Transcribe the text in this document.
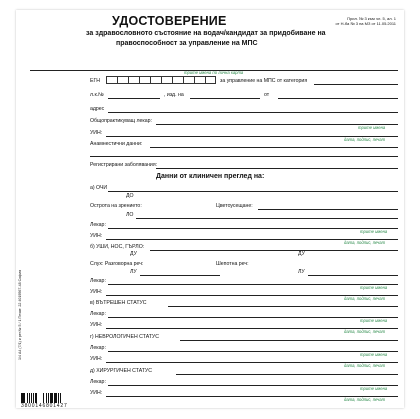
УДОСТОВЕРЕНИЕ	Прил. № 3 към чл. 5, ал. 1
от Н-ба № 3 на МЗ от 11.05.2011
за здравословното състояние на водач/кандидат за придобиване на
правоспособност за управление на МПС
трите имена по лична карта
ЕГН	за управление на МПС от категория
л.к.№	, изд. на	от
адрес
Общопрактикуващ лекар:
трите имена
УИН:
дата, подпис, печат
Анамнестични данни:
Регистрирани заболявания:
Данни от клиничен преглед на:
а) ОЧИ
ДО
Острота на зрението:	Цветоусещане:
ЛО
Лекар:
трите имена
УИН:
дата, подпис, печат
б) УШИ, НОС, ГЪРЛО:
ДУ	ДУ
Слух: Разговорна реч:	Шепотна реч:
ЛУ	ЛУ
Лекар:
трите имена
УИН:
дата, подпис, печат
в) ВЪТРЕШЕН СТАТУС
Лекар:
трите имена
УИН:
дата, подпис, печат
г) НЕВРОЛОГИЧЕН СТАТУС
Лекар:
трите имена
УИН:
дата, подпис, печат
д) ХИРУРГИЧЕН СТАТУС
Лекар:
трите имена
УИН:
дата, подпис, печат
1/4 А4 (7/1) и рег.№ 5 / 1 Печат: 22 4019567-48 София
3800146801427
